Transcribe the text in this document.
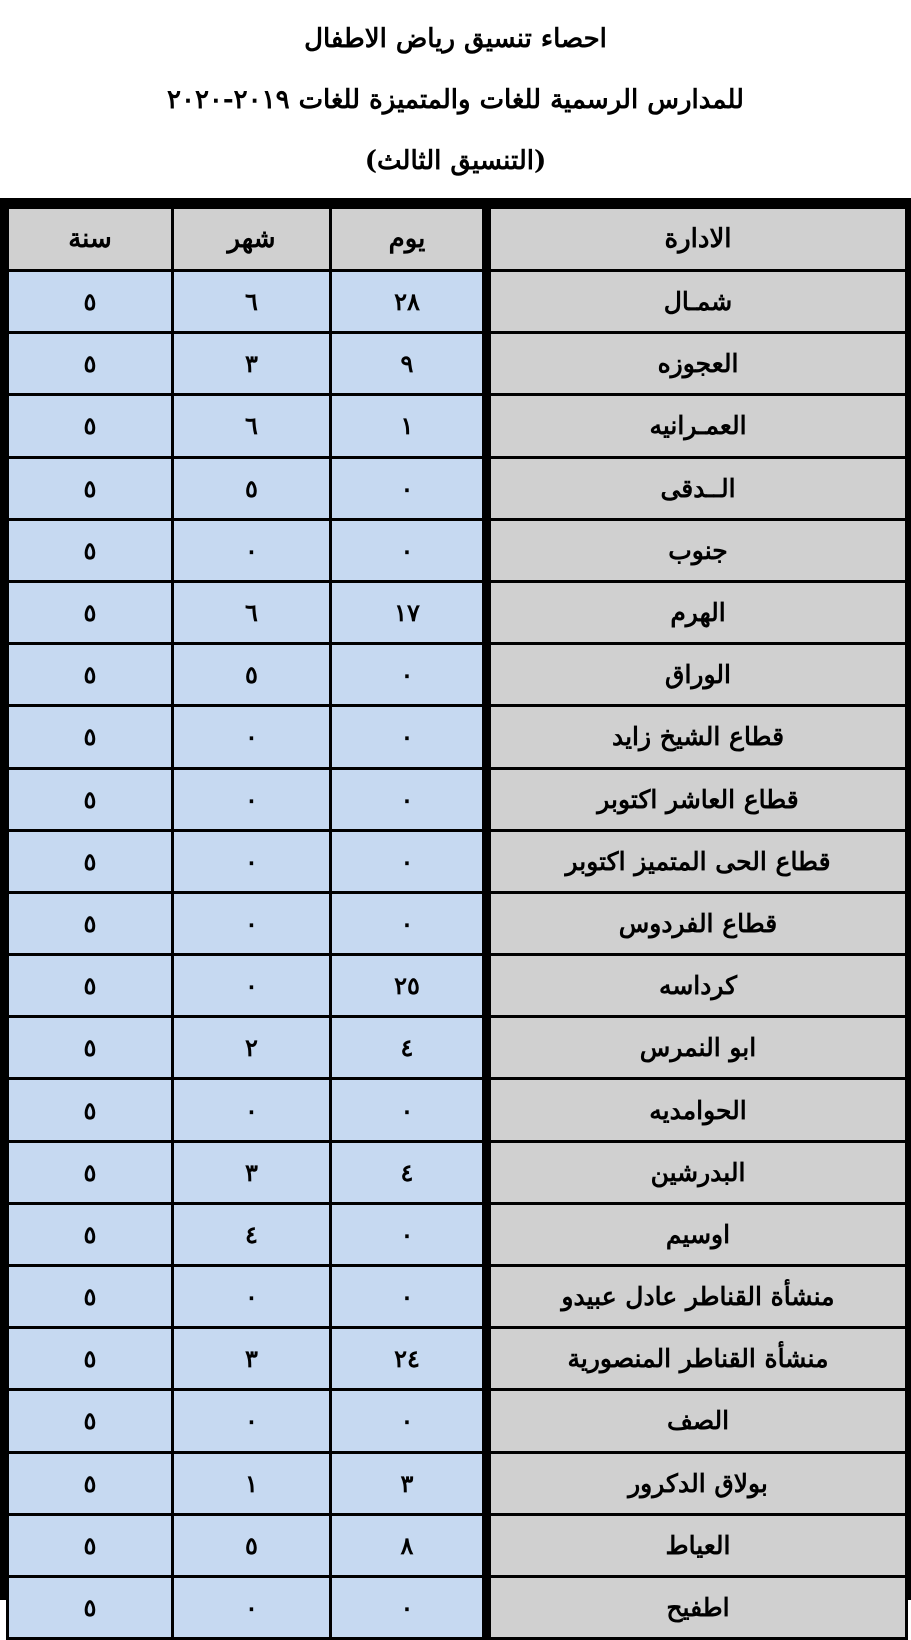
احصاء تنسيق رياض الاطفال
للمدارس الرسمية للغات والمتميزة للغات ٢٠١٩-٢٠٢٠
(التنسيق الثالث)
الادارة	يوم	شهر	سنة
شمـال	٢٨	٦	٥
العجوزه	٩	٣	٥
العمـرانيه	١	٦	٥
الــدقى	٠	٥	٥
جنوب	٠	٠	٥
الهرم	١٧	٦	٥
الوراق	٠	٥	٥
قطاع الشيخ زايد	٠	٠	٥
قطاع العاشر اكتوبر	٠	٠	٥
قطاع الحى المتميز اكتوبر	٠	٠	٥
قطاع الفردوس	٠	٠	٥
كرداسه	٢٥	٠	٥
ابو النمرس	٤	٢	٥
الحوامديه	٠	٠	٥
البدرشين	٤	٣	٥
اوسيم	٠	٤	٥
منشأة القناطر عادل عبيدو	٠	٠	٥
منشأة القناطر المنصورية	٢٤	٣	٥
الصف	٠	٠	٥
بولاق الدكرور	٣	١	٥
العياط	٨	٥	٥
اطفيح	٠	٠	٥
